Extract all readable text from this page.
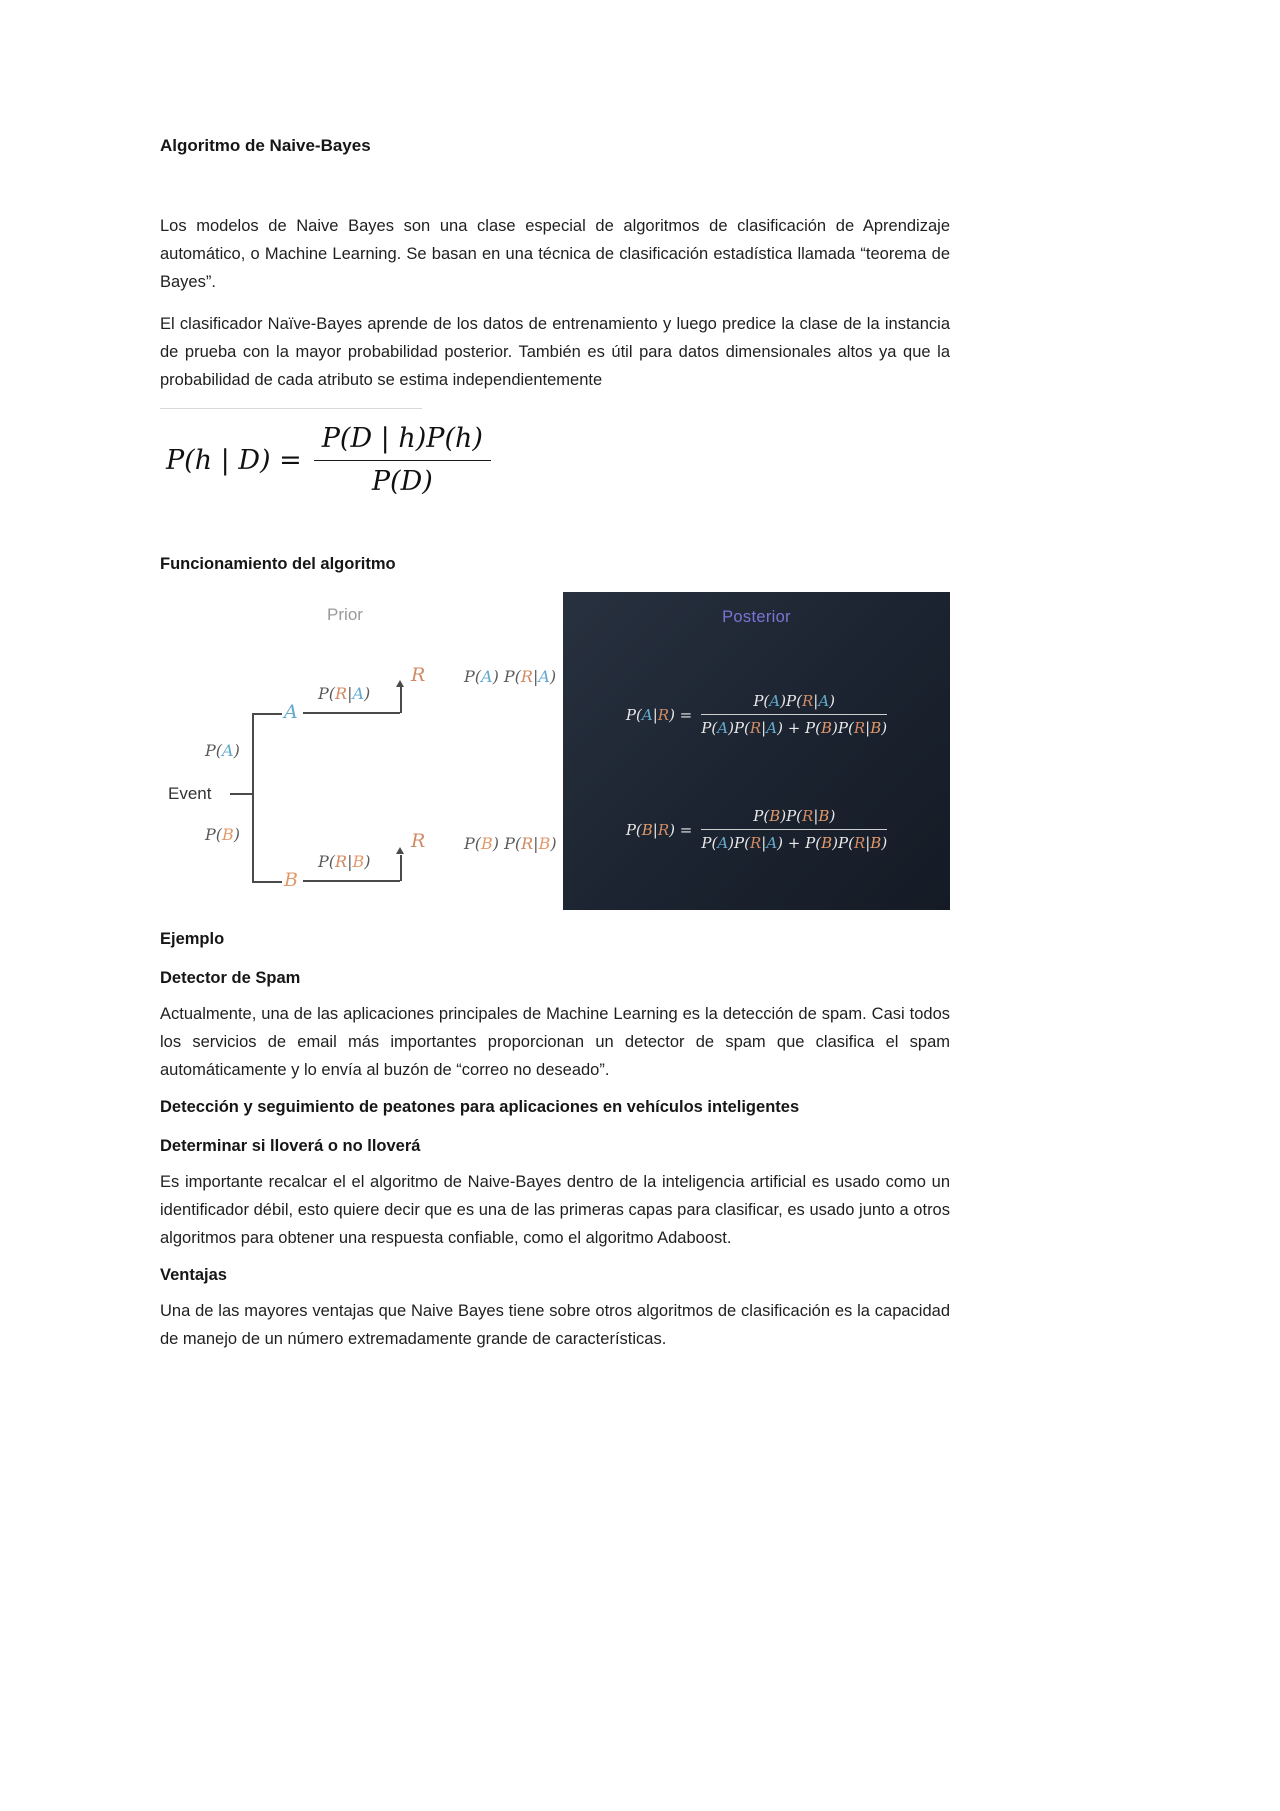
Algoritmo de Naive-Bayes

Los modelos de Naive Bayes son una clase especial de algoritmos de clasificación de Aprendizaje automático, o Machine Learning. Se basan en una técnica de clasificación estadística llamada “teorema de Bayes”.

El clasificador Naïve-Bayes aprende de los datos de entrenamiento y luego predice la clase de la instancia de prueba con la mayor probabilidad posterior. También es útil para datos dimensionales altos ya que la probabilidad de cada atributo se estima independientemente

P(h | $D) = \frac{P(D | h)P(h)}{P(D)}$
Funcionamiento del algoritmo
Prior
Event
P(A)
P(B)
A
B
P(R|A)
R P(A) P(R|A)
P(R|B)
R P(B) P(R|B)
Posterior
$P(A|R) = \frac{P(A)P(R|A)}{P(A)P(R|A) + P(B)P(R|B)}$
$P(B|R) = \frac{P(B)P(R|B)}{P(A)P(R|A) + P(B)P(R|B)}$
Ejemplo
Detector de Spam

Actualmente, una de las aplicaciones principales de Machine Learning es la detección de spam. Casi todos los servicios de email más importantes proporcionan un detector de spam que clasifica el spam automáticamente y lo envía al buzón de “correo no deseado”.

Detección y seguimiento de peatones para aplicaciones en vehículos inteligentes
Determinar si lloverá o no lloverá

Es importante recalcar el el algoritmo de Naive-Bayes dentro de la inteligencia artificial es usado como un identificador débil, esto quiere decir que es una de las primeras capas para clasificar, es usado junto a otros algoritmos para obtener una respuesta confiable, como el algoritmo Adaboost.

Ventajas

Una de las mayores ventajas que Naive Bayes tiene sobre otros algoritmos de clasificación es la capacidad de manejo de un número extremadamente grande de características.
